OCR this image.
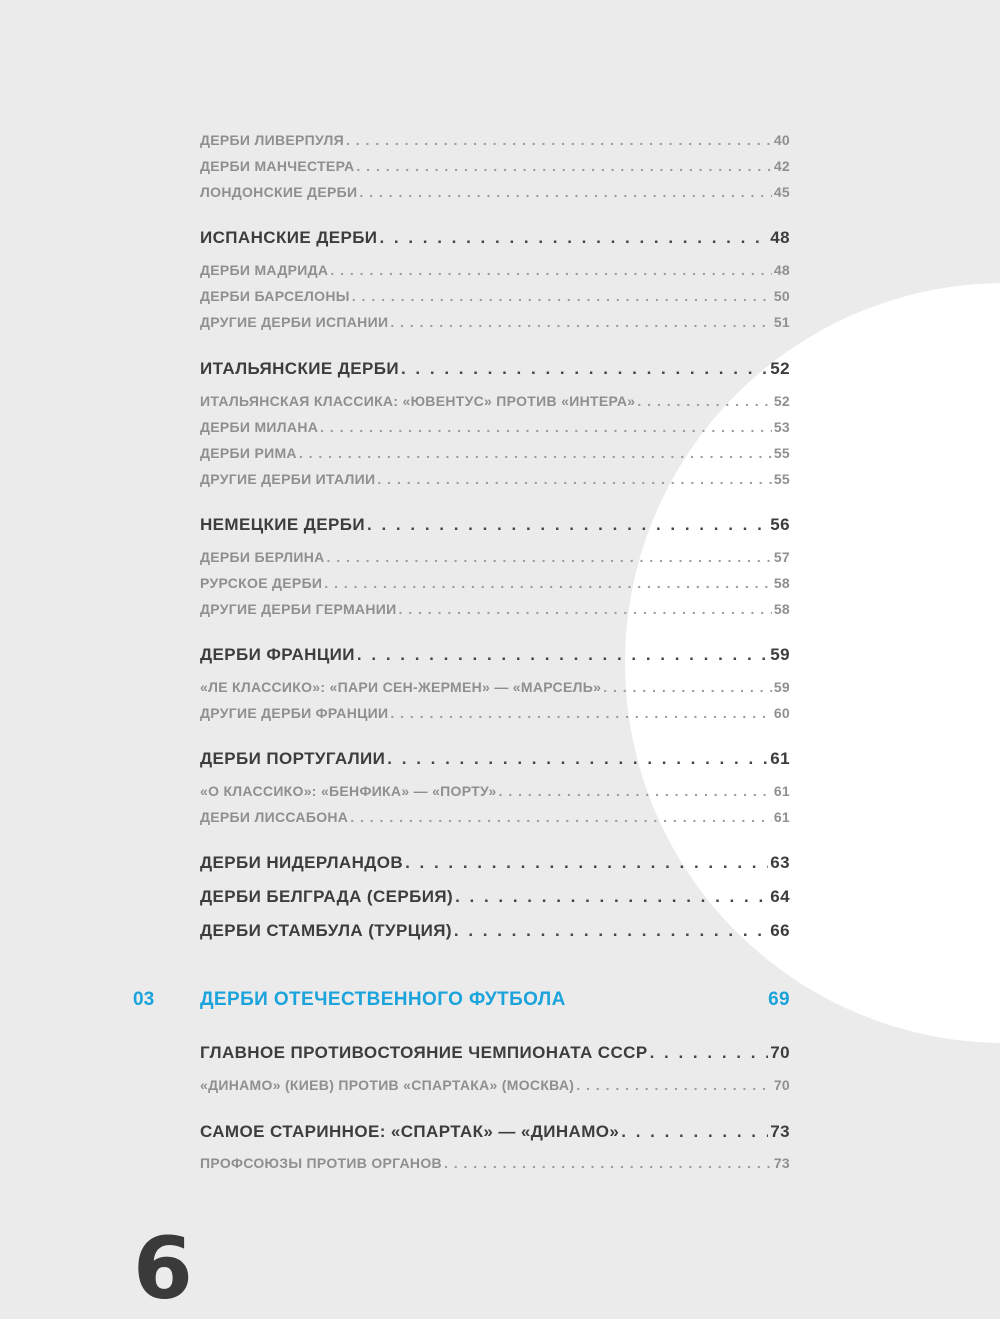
ДЕРБИ ЛИВЕРПУЛЯ . . .	40
ДЕРБИ МАНЧЕСТЕРА . . .	42
ЛОНДОНСКИЕ ДЕРБИ . . .	45
ИСПАНСКИЕ ДЕРБИ . . .	48
ДЕРБИ МАДРИДА . . .	48
ДЕРБИ БАРСЕЛОНЫ . . .	50
ДРУГИЕ ДЕРБИ ИСПАНИИ . . .	51
ИТАЛЬЯНСКИЕ ДЕРБИ . . .	52
ИТАЛЬЯНСКАЯ КЛАССИКА: «ЮВЕНТУС» ПРОТИВ «ИНТЕРА» . . .	52
ДЕРБИ МИЛАНА . . .	53
ДЕРБИ РИМА . . .	55
ДРУГИЕ ДЕРБИ ИТАЛИИ . . .	55
НЕМЕЦКИЕ ДЕРБИ . . .	56
ДЕРБИ БЕРЛИНА . . .	57
РУРСКОЕ ДЕРБИ . . .	58
ДРУГИЕ ДЕРБИ ГЕРМАНИИ . . .	58
ДЕРБИ ФРАНЦИИ . . .	59
«ЛЕ КЛАССИКО»: «ПАРИ СЕН-ЖЕРМЕН» — «МАРСЕЛЬ» . . .	59
ДРУГИЕ ДЕРБИ ФРАНЦИИ . . .	60
ДЕРБИ ПОРТУГАЛИИ . . .	61
«О КЛАССИКО»: «БЕНФИКА» — «ПОРТУ» . . .	61
ДЕРБИ ЛИССАБОНА . . .	61
ДЕРБИ НИДЕРЛАНДОВ . . .	63
ДЕРБИ БЕЛГРАДА (СЕРБИЯ) . . .	64
ДЕРБИ СТАМБУЛА (ТУРЦИЯ) . . .	66
03 ДЕРБИ ОТЕЧЕСТВЕННОГО ФУТБОЛА	69
ГЛАВНОЕ ПРОТИВОСТОЯНИЕ ЧЕМПИОНАТА СССР . . .	70
«ДИНАМО» (КИЕВ) ПРОТИВ «СПАРТАКА» (МОСКВА) . . .	70
САМОЕ СТАРИННОЕ: «СПАРТАК» — «ДИНАМО» . . .	73
ПРОФСОЮЗЫ ПРОТИВ ОРГАНОВ . . .	73
6
